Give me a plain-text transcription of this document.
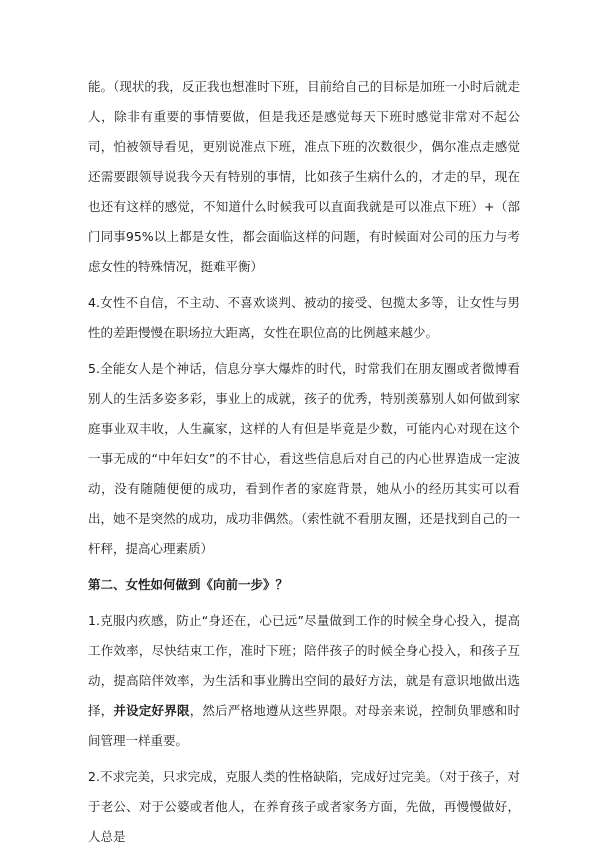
能。（现状的我，反正我也想准时下班，目前给自己的目标是加班一小时后就走人，除非有重要的事情要做，但是我还是感觉每天下班时感觉非常对不起公司，怕被领导看见，更别说准点下班，准点下班的次数很少，偶尔准点走感觉还需要跟领导说我今天有特别的事情，比如孩子生病什么的，才走的早，现在也还有这样的感觉，不知道什么时候我可以直面我就是可以准点下班）+（部门同事95%以上都是女性，都会面临这样的问题，有时候面对公司的压力与考虑女性的特殊情况，挺难平衡）

4.女性不自信，不主动、不喜欢谈判、被动的接受、包揽太多等，让女性与男性的差距慢慢在职场拉大距离，女性在职位高的比例越来越少。

5.全能女人是个神话，信息分享大爆炸的时代，时常我们在朋友圈或者微博看别人的生活多姿多彩，事业上的成就，孩子的优秀，特别羡慕别人如何做到家庭事业双丰收，人生赢家，这样的人有但是毕竟是少数，可能内心对现在这个一事无成的“中年妇女”的不甘心，看这些信息后对自己的内心世界造成一定波动，没有随随便便的成功，看到作者的家庭背景，她从小的经历其实可以看出，她不是突然的成功，成功非偶然。（索性就不看朋友圈，还是找到自己的一杆秤，提高心理素质）

第二、女性如何做到《向前一步》？

1.克服内疚感，防止“身还在，心已远”尽量做到工作的时候全身心投入，提高工作效率，尽快结束工作，准时下班；陪伴孩子的时候全身心投入，和孩子互动，提高陪伴效率，为生活和事业腾出空间的最好方法，就是有意识地做出选择，并设定好界限，然后严格地遵从这些界限。对母亲来说，控制负罪感和时间管理一样重要。

2.不求完美，只求完成，克服人类的性格缺陷，完成好过完美。（对于孩子，对于老公、对于公婆或者他人，在养育孩子或者家务方面，先做，再慢慢做好，人总是
